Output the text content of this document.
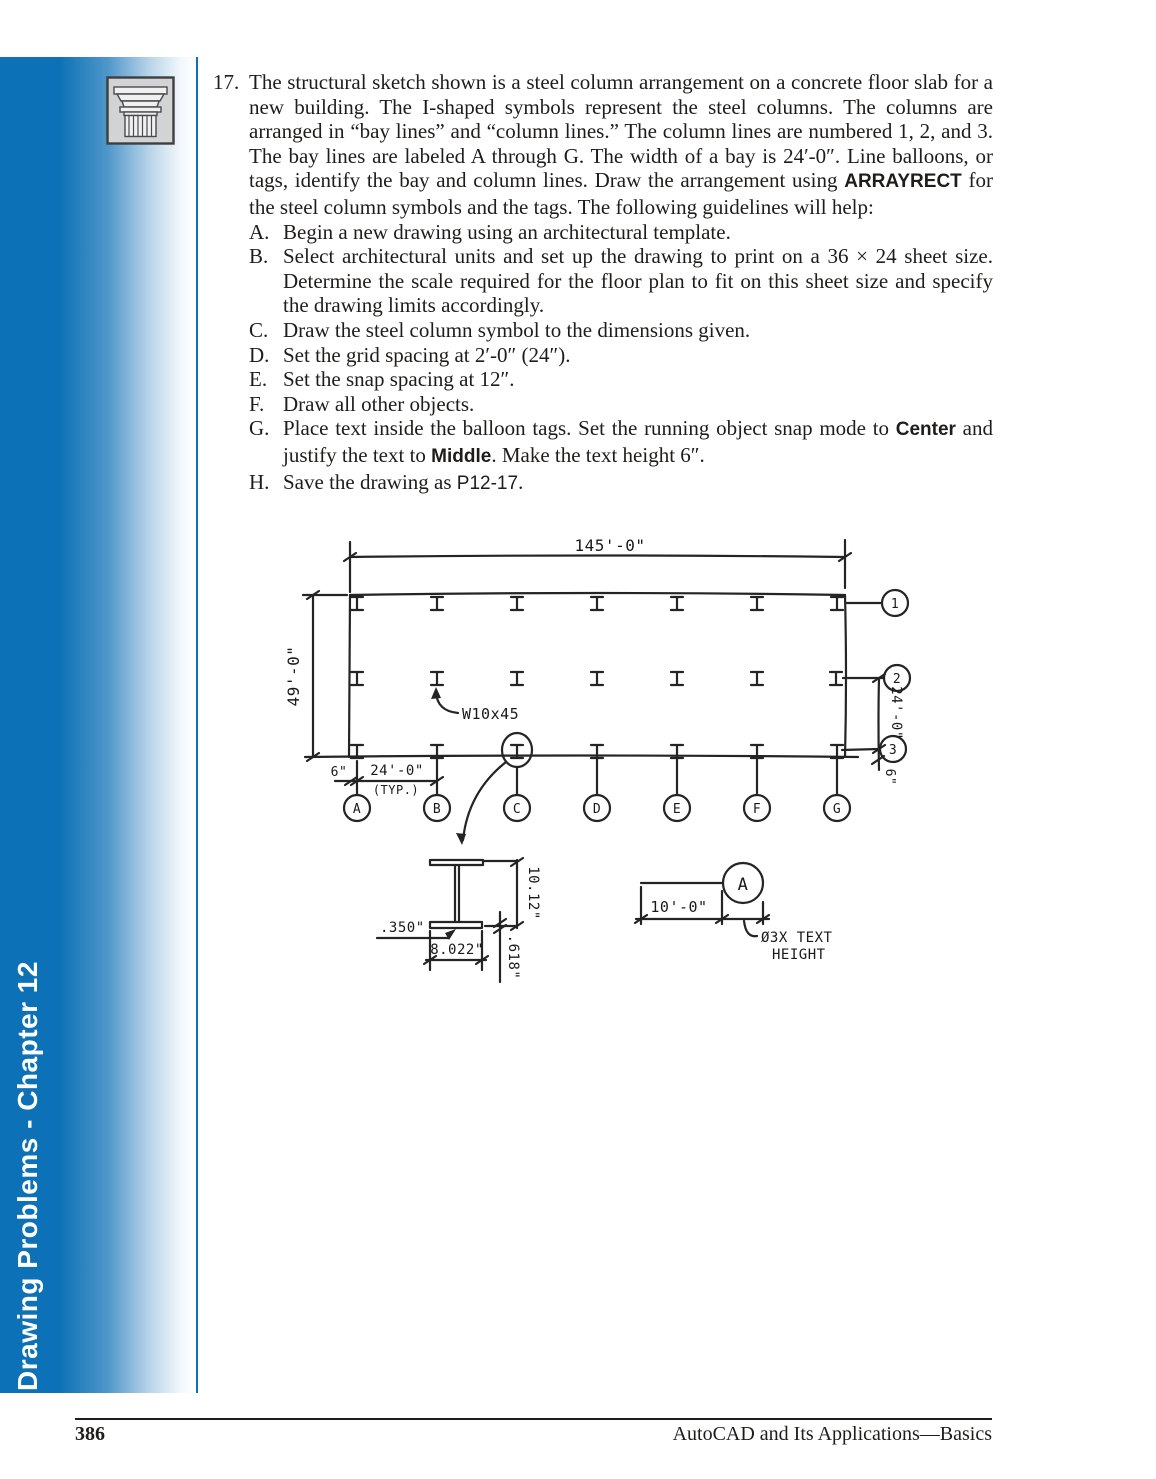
Drawing Problems - Chapter 12
17. The structural sketch shown is a steel column arrangement on a concrete floor slab for a new building. The I-shaped symbols represent the steel columns. The columns are arranged in “bay lines” and “column lines.” The column lines are numbered 1, 2, and 3. The bay lines are labeled A through G. The width of a bay is 24′-0″. Line balloons, or tags, identify the bay and column lines. Draw the arrangement using ARRAYRECT for the steel column symbols and the tags. The following guidelines will help:
A. Begin a new drawing using an architectural template.
B. Select architectural units and set up the drawing to print on a 36 × 24 sheet size. Determine the scale required for the floor plan to fit on this sheet size and specify the drawing limits accordingly.
C. Draw the steel column symbol to the dimensions given.
D. Set the grid spacing at 2′-0″ (24″).
E. Set the snap spacing at 12″.
F. Draw all other objects.
G. Place text inside the balloon tags. Set the running object snap mode to Center and justify the text to Middle. Make the text height 6″.
H. Save the drawing as P12-17.
145'-0"
49'-0"
1
2
3
24'-0"
6"
6" 24'-0"
(TYP.)
A	B	C	D	E	F	G
W10x45
10.12"
.350"
8.022" .618"
A
10'-0"
Ø3X TEXT
HEIGHT
386	AutoCAD and Its Applications—Basics
